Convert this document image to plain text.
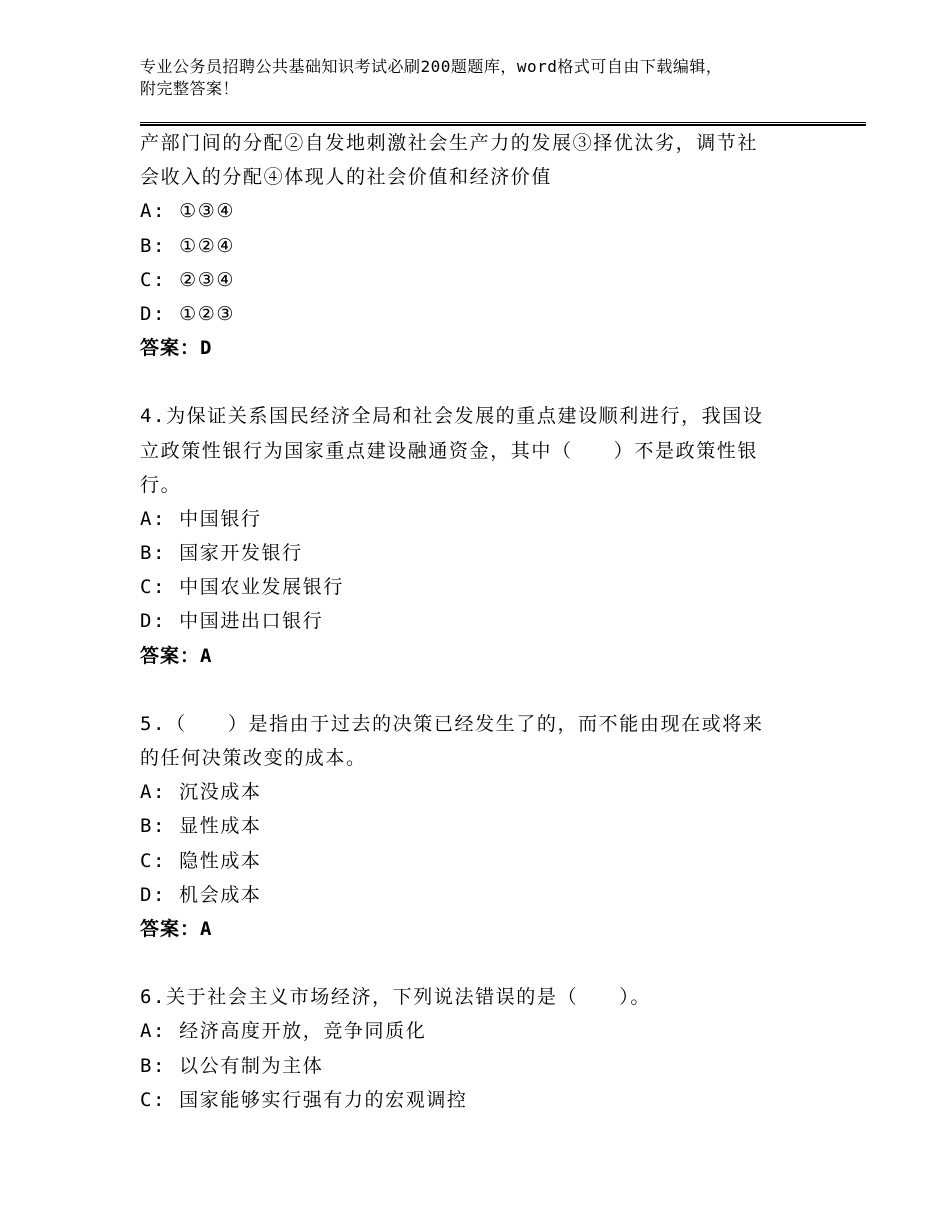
专业公务员招聘公共基础知识考试必刷200题题库，word格式可自由下载编辑，
附完整答案！
产部门间的分配②自发地刺激社会生产力的发展③择优汰劣，调节社
会收入的分配④体现人的社会价值和经济价值
A: ①③④
B: ①②④
C: ②③④
D: ①②③
答案：D
4.为保证关系国民经济全局和社会发展的重点建设顺利进行，我国设
立政策性银行为国家重点建设融通资金，其中（　　）不是政策性银
行。
A: 中国银行
B: 国家开发银行
C: 中国农业发展银行
D: 中国进出口银行
答案：A
5.（　　）是指由于过去的决策已经发生了的，而不能由现在或将来
的任何决策改变的成本。
A: 沉没成本
B: 显性成本
C: 隐性成本
D: 机会成本
答案：A
6.关于社会主义市场经济，下列说法错误的是（　　）。
A: 经济高度开放，竞争同质化
B: 以公有制为主体
C: 国家能够实行强有力的宏观调控
